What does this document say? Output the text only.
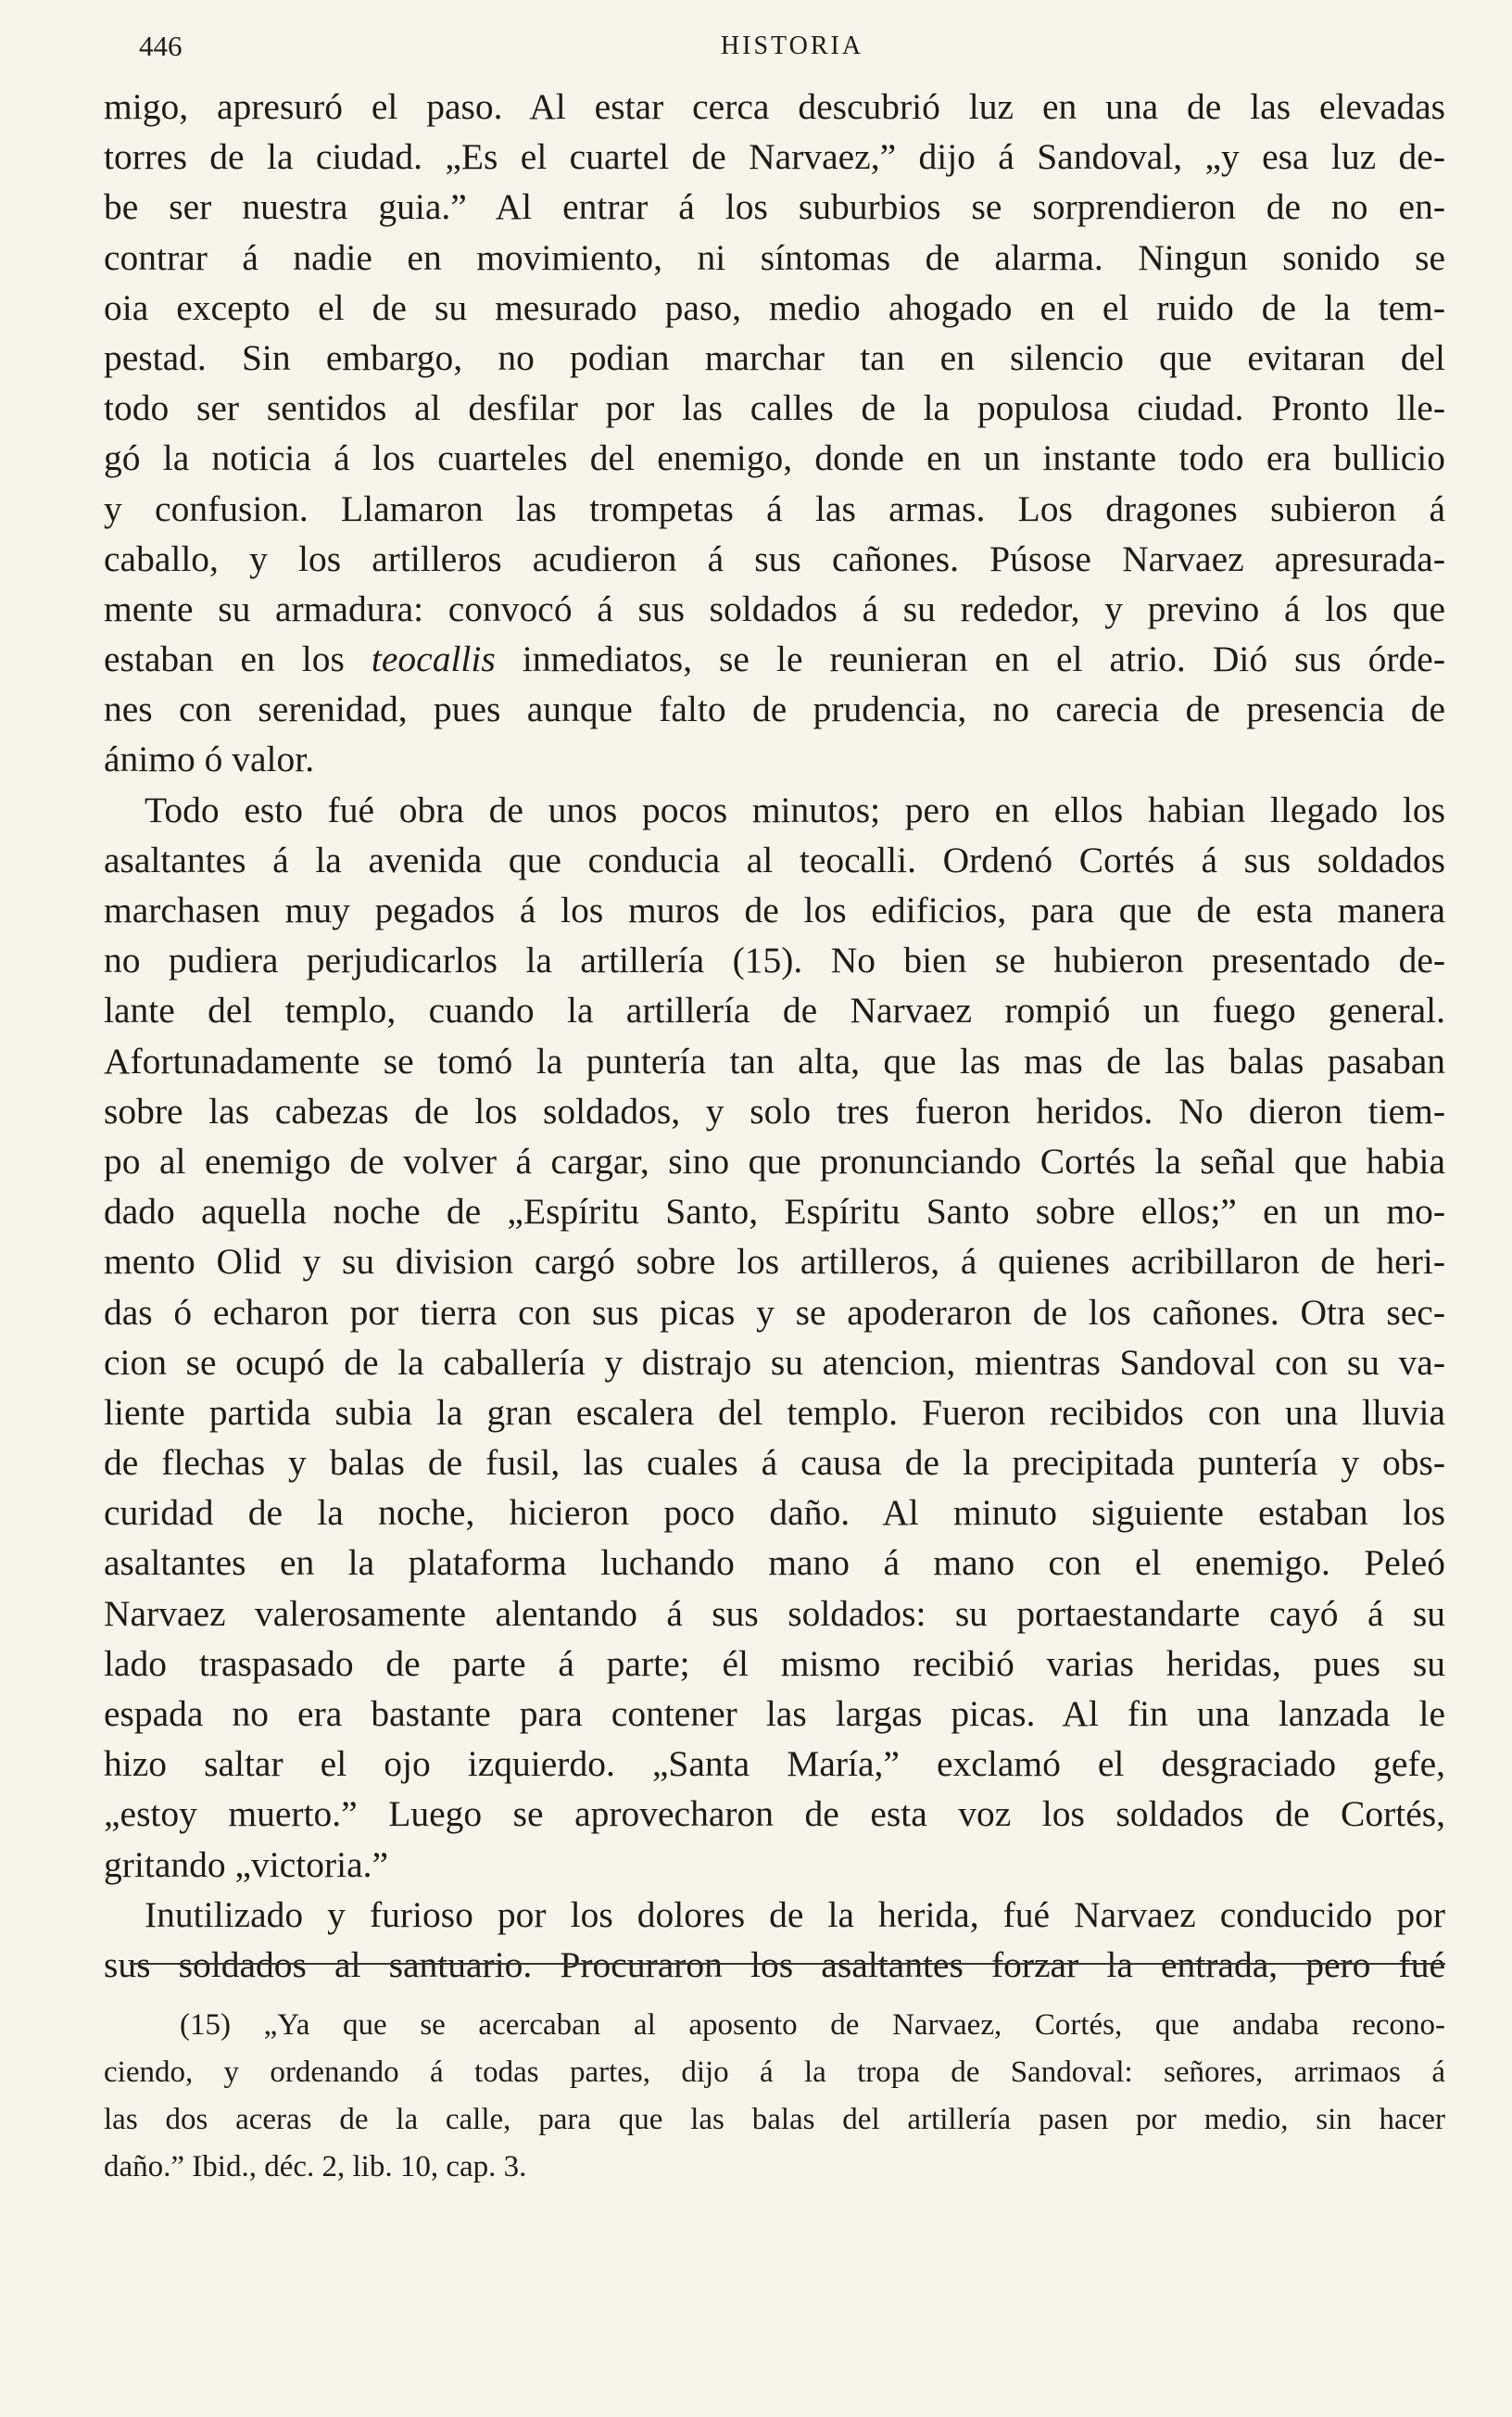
446	HISTORIA
migo, apresuró el paso. Al estar cerca descubrió luz en una de las elevadas
torres de la ciudad. „Es el cuartel de Narvaez,” dijo á Sandoval, „y esa luz de-
be ser nuestra guia.” Al entrar á los suburbios se sorprendieron de no en-
contrar á nadie en movimiento, ni síntomas de alarma. Ningun sonido se
oia excepto el de su mesurado paso, medio ahogado en el ruido de la tem-
pestad. Sin embargo, no podian marchar tan en silencio que evitaran del
todo ser sentidos al desfilar por las calles de la populosa ciudad. Pronto lle-
gó la noticia á los cuarteles del enemigo, donde en un instante todo era bullicio
y confusion. Llamaron las trompetas á las armas. Los dragones subieron á
caballo, y los artilleros acudieron á sus cañones. Púsose Narvaez apresurada-
mente su armadura: convocó á sus soldados á su rededor, y previno á los que
estaban en los teocallis inmediatos, se le reunieran en el atrio. Dió sus órde-
nes con serenidad, pues aunque falto de prudencia, no carecia de presencia de
ánimo ó valor.
Todo esto fué obra de unos pocos minutos; pero en ellos habian llegado los
asaltantes á la avenida que conducia al teocalli. Ordenó Cortés á sus soldados
marchasen muy pegados á los muros de los edificios, para que de esta manera
no pudiera perjudicarlos la artillería (15). No bien se hubieron presentado de-
lante del templo, cuando la artillería de Narvaez rompió un fuego general.
Afortunadamente se tomó la puntería tan alta, que las mas de las balas pasaban
sobre las cabezas de los soldados, y solo tres fueron heridos. No dieron tiem-
po al enemigo de volver á cargar, sino que pronunciando Cortés la señal que habia
dado aquella noche de „Espíritu Santo, Espíritu Santo sobre ellos;” en un mo-
mento Olid y su division cargó sobre los artilleros, á quienes acribillaron de heri-
das ó echaron por tierra con sus picas y se apoderaron de los cañones. Otra sec-
cion se ocupó de la caballería y distrajo su atencion, mientras Sandoval con su va-
liente partida subia la gran escalera del templo. Fueron recibidos con una lluvia
de flechas y balas de fusil, las cuales á causa de la precipitada puntería y obs-
curidad de la noche, hicieron poco daño. Al minuto siguiente estaban los
asaltantes en la plataforma luchando mano á mano con el enemigo. Peleó
Narvaez valerosamente alentando á sus soldados: su portaestandarte cayó á su
lado traspasado de parte á parte; él mismo recibió varias heridas, pues su
espada no era bastante para contener las largas picas. Al fin una lanzada le
hizo saltar el ojo izquierdo. „Santa María,” exclamó el desgraciado gefe,
„estoy muerto.” Luego se aprovecharon de esta voz los soldados de Cortés,
gritando „victoria.”
Inutilizado y furioso por los dolores de la herida, fué Narvaez conducido por
sus soldados al santuario. Procuraron los asaltantes forzar la entrada, pero fué
(15) „Ya que se acercaban al aposento de Narvaez, Cortés, que andaba recono-
ciendo, y ordenando á todas partes, dijo á la tropa de Sandoval: señores, arrimaos á
las dos aceras de la calle, para que las balas del artillería pasen por medio, sin hacer
daño.” Ibid., déc. 2, lib. 10, cap. 3.
